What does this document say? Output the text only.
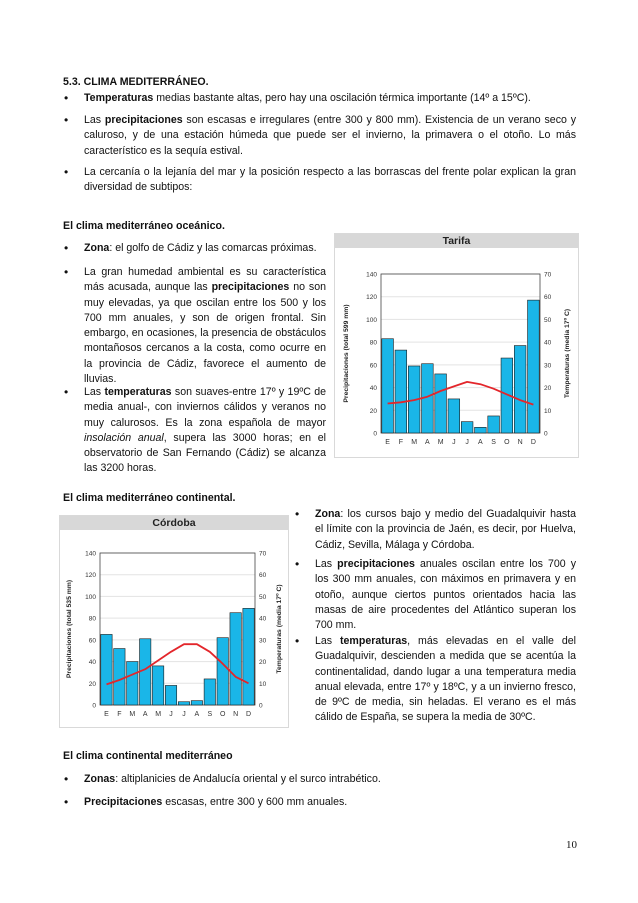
5.3. CLIMA MEDITERRÁNEO.
• Temperaturas medias bastante altas, pero hay una oscilación térmica importante (14º a 15ºC).
• Las precipitaciones son escasas e irregulares (entre 300 y 800 mm). Existencia de un verano seco y caluroso, y de una estación húmeda que puede ser el invierno, la primavera o el otoño. Lo más característico es la sequía estival.
• La cercanía o la lejanía del mar y la posición respecto a las borrascas del frente polar explican la gran diversidad de subtipos:
El clima mediterráneo oceánico.
• Zona: el golfo de Cádiz y las comarcas próximas.
• La gran humedad ambiental es su característica más acusada, aunque las precipitaciones no son muy elevadas, ya que oscilan entre los 500 y los 700 mm anuales, y son de origen frontal. Sin embargo, en ocasiones, la presencia de obstáculos montañosos cercanos a la costa, como ocurre en la provincia de Cádiz, favorece el aumento de lluvias.
• Las temperaturas son suaves-entre 17º y 19ºC de media anual-, con inviernos cálidos y veranos no muy calurosos. Es la zona española de mayor insolación anual, supera las 3000 horas; en el observatorio de San Fernando (Cádiz) se alcanza las 3200 horas.
Tarifa
0
20
40
60
80
100
120
140
0
10
20
30
40
50
60
70
E F M A M J J A S O N D
Precipitaciones (total 599 mm)	Temperaturas (media 17º C)
El clima mediterráneo continental.
Córdoba
0
20
40
60
80
100
120
140
0
10
20
30
40
50
60
70
E F M A M J J A S O N D
Precipitaciones (total 535 mm)	Temperaturas (media 17º C)
• Zona: los cursos bajo y medio del Guadalquivir hasta el límite con la provincia de Jaén, es decir, por Huelva, Cádiz, Sevilla, Málaga y Córdoba.
• Las precipitaciones anuales oscilan entre los 700 y los 300 mm anuales, con máximos en primavera y en otoño, aunque ciertos puntos orientados hacia las masas de aire procedentes del Atlántico superan los 700 mm.
• Las temperaturas, más elevadas en el valle del Guadalquivir, descienden a medida que se acentúa la continentalidad, dando lugar a una temperatura media anual elevada, entre 17º y 18ºC, y a un invierno fresco, de 9ºC de media, sin heladas. El verano es el más cálido de España, se supera la media de 30ºC.
El clima continental mediterráneo
• Zonas: altiplanicies de Andalucía oriental y el surco intrabético.
• Precipitaciones escasas, entre 300 y 600 mm anuales.
10
